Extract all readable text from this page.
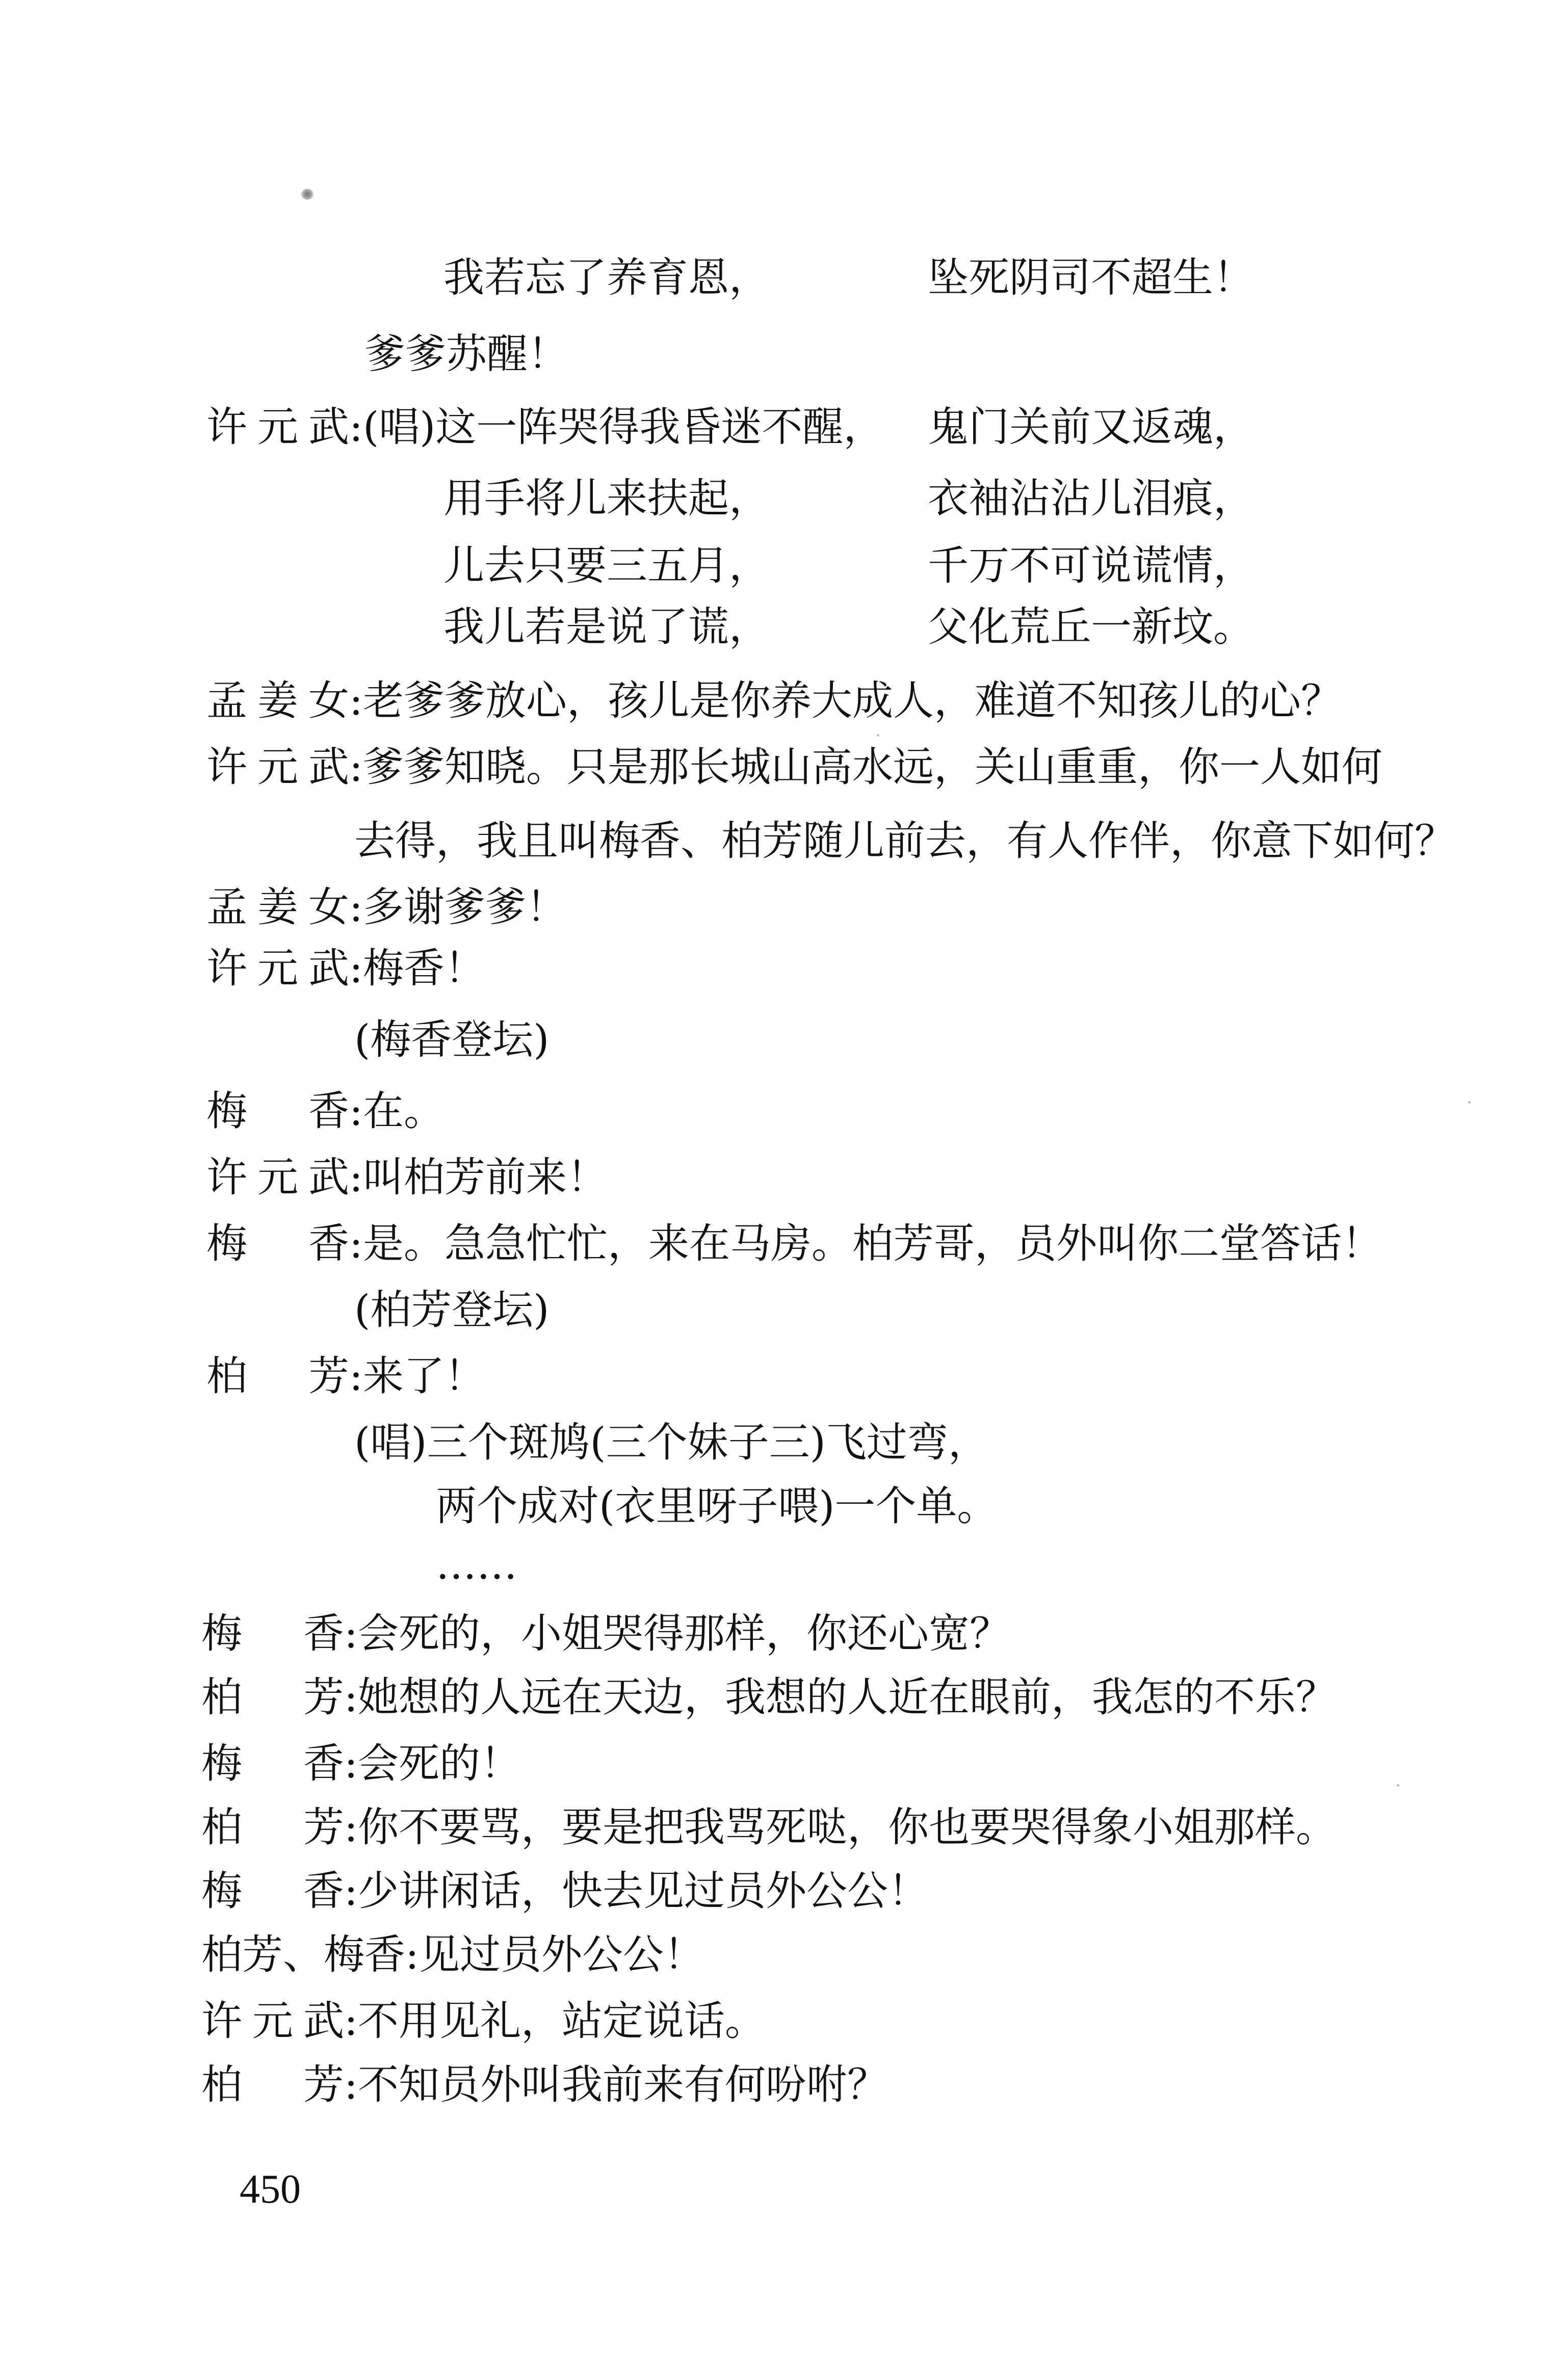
我若忘了养育恩，	坠死阴司不超生！
爹爹苏醒！
许元武:(唱)这一阵哭得我昏迷不醒， 鬼门关前又返魂，
用手将儿来扶起，	衣袖沾沾儿泪痕，
儿去只要三五月，	千万不可说谎情，
我儿若是说了谎，	父化荒丘一新坟。
孟姜女:老爹爹放心，孩儿是你养大成人，难道不知孩儿的心？
许元武:爹爹知晓。只是那长城山高水远，关山重重，你一人如何
去得，我且叫梅香、柏芳随儿前去，有人作伴，你意下如何？
孟姜女:多谢爹爹！
许元武:梅香！
(梅香登坛)
梅　香:在。
许元武:叫柏芳前来！
梅　香:是。急急忙忙，来在马房。柏芳哥，员外叫你二堂答话！
(柏芳登坛)
柏　芳:来了！
(唱)三个斑鸠(三个妹子三)飞过弯，
两个成对(衣里呀子喂)一个单。
……
梅　香:会死的，小姐哭得那样，你还心宽？
柏　芳:她想的人远在天边，我想的人近在眼前，我怎的不乐？
梅　香:会死的！
柏　芳:你不要骂，要是把我骂死哒，你也要哭得象小姐那样。
梅　香:少讲闲话，快去见过员外公公！
柏芳、梅香:见过员外公公！
许元武:不用见礼，站定说话。
柏　芳:不知员外叫我前来有何吩咐？
450
